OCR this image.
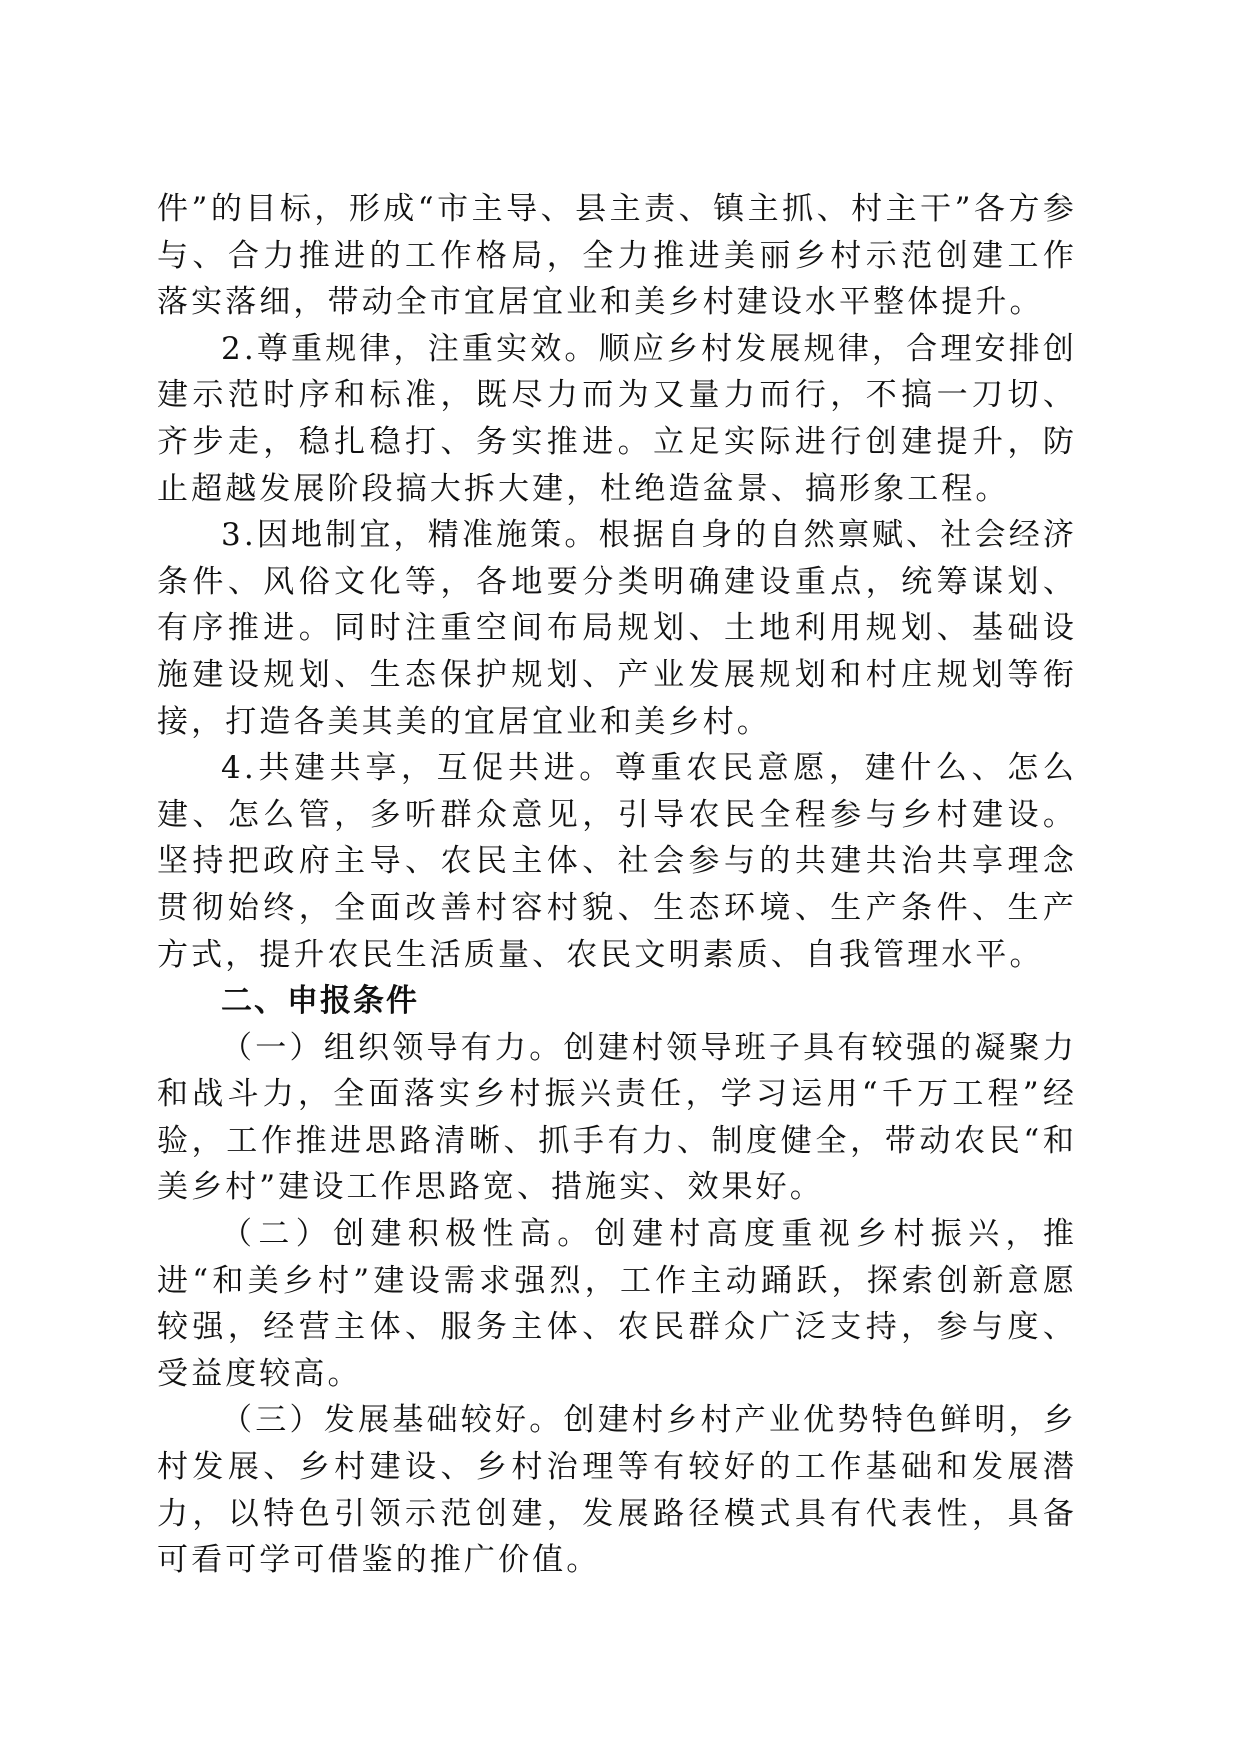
件”的目标，形成“市主导、县主责、镇主抓、村主干”各方参与、合力推进的工作格局，全力推进美丽乡村示范创建工作落实落细，带动全市宜居宜业和美乡村建设水平整体提升。

2.尊重规律，注重实效。顺应乡村发展规律，合理安排创建示范时序和标准，既尽力而为又量力而行，不搞一刀切、齐步走，稳扎稳打、务实推进。立足实际进行创建提升，防止超越发展阶段搞大拆大建，杜绝造盆景、搞形象工程。

3.因地制宜，精准施策。根据自身的自然禀赋、社会经济条件、风俗文化等，各地要分类明确建设重点，统筹谋划、有序推进。同时注重空间布局规划、土地利用规划、基础设施建设规划、生态保护规划、产业发展规划和村庄规划等衔接，打造各美其美的宜居宜业和美乡村。

4.共建共享，互促共进。尊重农民意愿，建什么、怎么建、怎么管，多听群众意见，引导农民全程参与乡村建设。坚持把政府主导、农民主体、社会参与的共建共治共享理念贯彻始终，全面改善村容村貌、生态环境、生产条件、生产方式，提升农民生活质量、农民文明素质、自我管理水平。

二、申报条件

（一）组织领导有力。创建村领导班子具有较强的凝聚力和战斗力，全面落实乡村振兴责任，学习运用“千万工程”经验，工作推进思路清晰、抓手有力、制度健全，带动农民“和美乡村”建设工作思路宽、措施实、效果好。

（二）创建积极性高。创建村高度重视乡村振兴，推进“和美乡村”建设需求强烈，工作主动踊跃，探索创新意愿较强，经营主体、服务主体、农民群众广泛支持，参与度、受益度较高。

（三）发展基础较好。创建村乡村产业优势特色鲜明，乡村发展、乡村建设、乡村治理等有较好的工作基础和发展潜力，以特色引领示范创建，发展路径模式具有代表性，具备可看可学可借鉴的推广价值。
